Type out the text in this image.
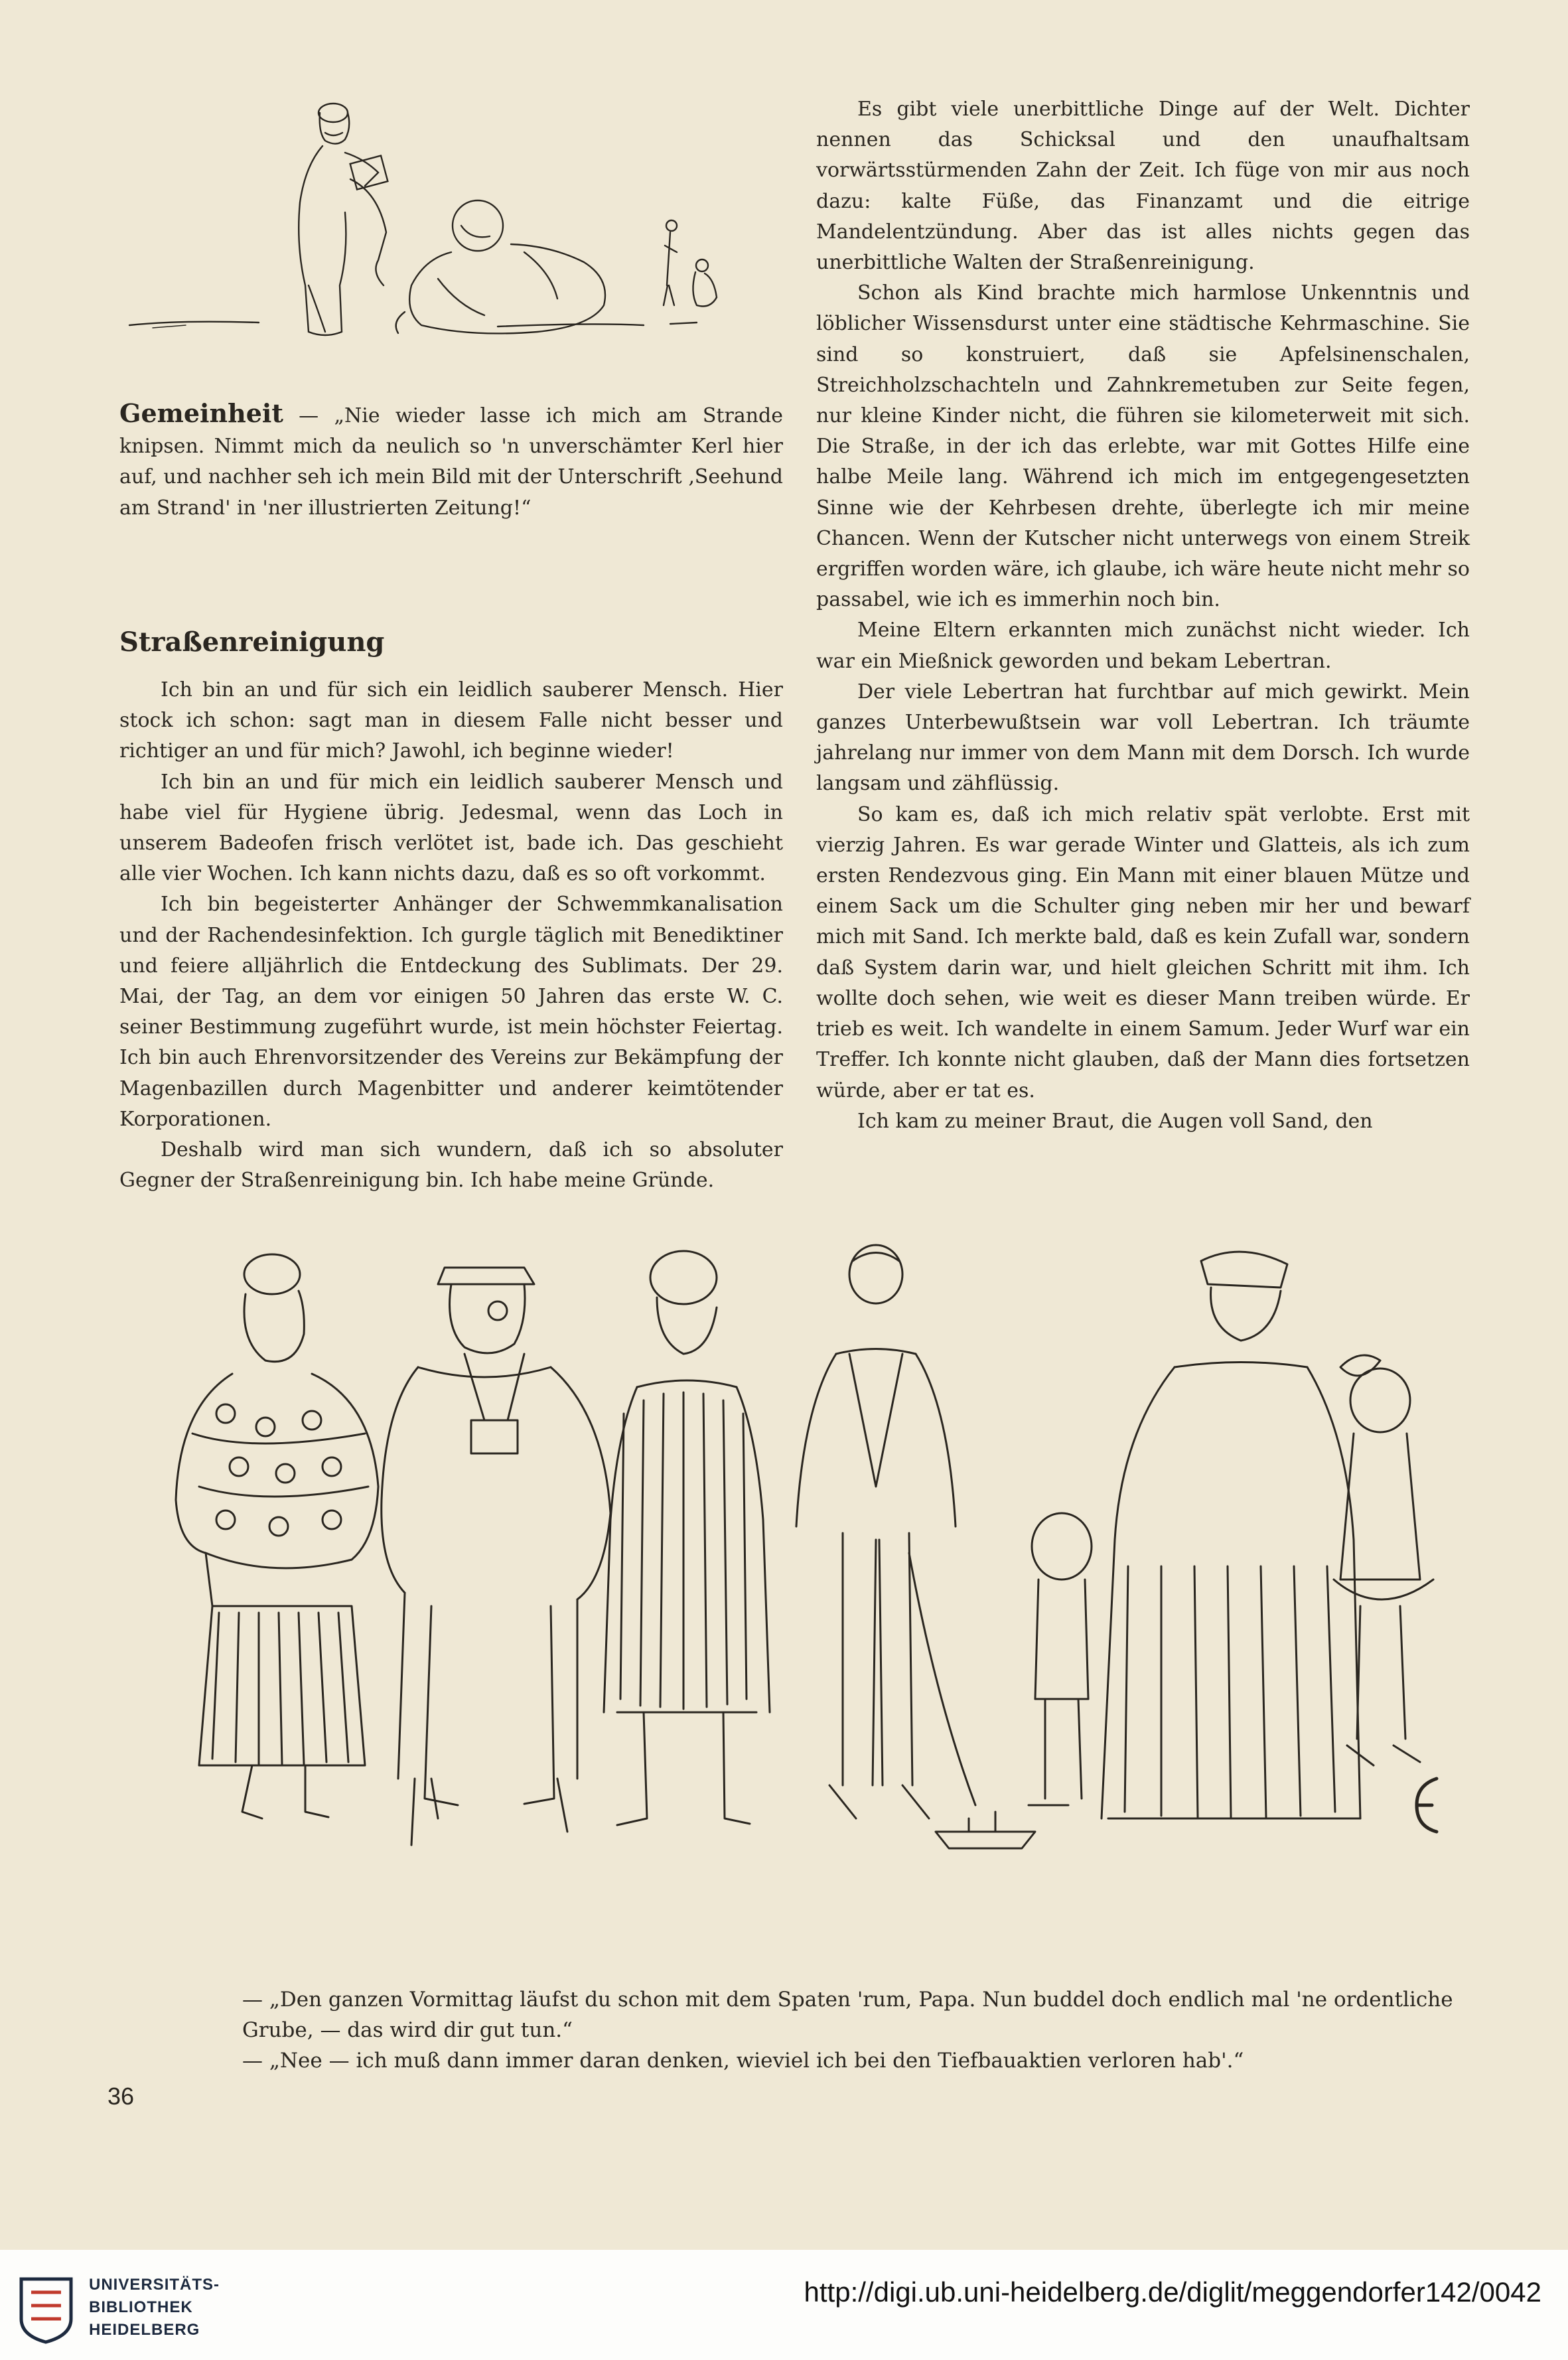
Gemeinheit — „Nie wieder lasse ich mich am Strande knipsen. Nimmt mich da neulich so 'n unverschämter Kerl hier auf, und nachher seh ich mein Bild mit der Unterschrift ‚Seehund am Strand' in 'ner illustrierten Zeitung!“

Straßenreinigung

Ich bin an und für sich ein leidlich sauberer Mensch. Hier stock ich schon: sagt man in diesem Falle nicht besser und richtiger an und für mich? Jawohl, ich beginne wieder!

Ich bin an und für mich ein leidlich sauberer Mensch und habe viel für Hygiene übrig. Jedesmal, wenn das Loch in unserem Badeofen frisch verlötet ist, bade ich. Das geschieht alle vier Wochen. Ich kann nichts dazu, daß es so oft vorkommt.

Ich bin begeisterter Anhänger der Schwemmkanalisation und der Rachendesinfektion. Ich gurgle täglich mit Benediktiner und feiere alljährlich die Entdeckung des Sublimats. Der 29. Mai, der Tag, an dem vor einigen 50 Jahren das erste W. C. seiner Bestimmung zugeführt wurde, ist mein höchster Feiertag. Ich bin auch Ehrenvorsitzender des Vereins zur Bekämpfung der Magenbazillen durch Magenbitter und anderer keimtötender Korporationen.

Deshalb wird man sich wundern, daß ich so absoluter Gegner der Straßenreinigung bin. Ich habe meine Gründe.

Es gibt viele unerbittliche Dinge auf der Welt. Dichter nennen das Schicksal und den unaufhaltsam vorwärtsstürmenden Zahn der Zeit. Ich füge von mir aus noch dazu: kalte Füße, das Finanzamt und die eitrige Mandelentzündung. Aber das ist alles nichts gegen das unerbittliche Walten der Straßenreinigung.

Schon als Kind brachte mich harmlose Unkenntnis und löblicher Wissensdurst unter eine städtische Kehrmaschine. Sie sind so konstruiert, daß sie Apfelsinenschalen, Streichholzschachteln und Zahnkremetuben zur Seite fegen, nur kleine Kinder nicht, die führen sie kilometerweit mit sich. Die Straße, in der ich das erlebte, war mit Gottes Hilfe eine halbe Meile lang. Während ich mich im entgegengesetzten Sinne wie der Kehrbesen drehte, überlegte ich mir meine Chancen. Wenn der Kutscher nicht unterwegs von einem Streik ergriffen worden wäre, ich glaube, ich wäre heute nicht mehr so passabel, wie ich es immerhin noch bin.

Meine Eltern erkannten mich zunächst nicht wieder. Ich war ein Mießnick geworden und bekam Lebertran.

Der viele Lebertran hat furchtbar auf mich gewirkt. Mein ganzes Unterbewußtsein war voll Lebertran. Ich träumte jahrelang nur immer von dem Mann mit dem Dorsch. Ich wurde langsam und zähflüssig.

So kam es, daß ich mich relativ spät verlobte. Erst mit vierzig Jahren. Es war gerade Winter und Glatteis, als ich zum ersten Rendezvous ging. Ein Mann mit einer blauen Mütze und einem Sack um die Schulter ging neben mir her und bewarf mich mit Sand. Ich merkte bald, daß es kein Zufall war, sondern daß System darin war, und hielt gleichen Schritt mit ihm. Ich wollte doch sehen, wie weit es dieser Mann treiben würde. Er trieb es weit. Ich wandelte in einem Samum. Jeder Wurf war ein Treffer. Ich konnte nicht glauben, daß der Mann dies fortsetzen würde, aber er tat es.

Ich kam zu meiner Braut, die Augen voll Sand, den

— „Den ganzen Vormittag läufst du schon mit dem Spaten 'rum, Papa. Nun buddel doch endlich mal 'ne ordentliche Grube, — das wird dir gut tun.“

— „Nee — ich muß dann immer daran denken, wieviel ich bei den Tiefbauaktien verloren hab'.“

36
UNIVERSITÄTS-
BIBLIOTHEK
HEIDELBERG
http://digi.ub.uni-heidelberg.de/diglit/meggendorfer142/0042
